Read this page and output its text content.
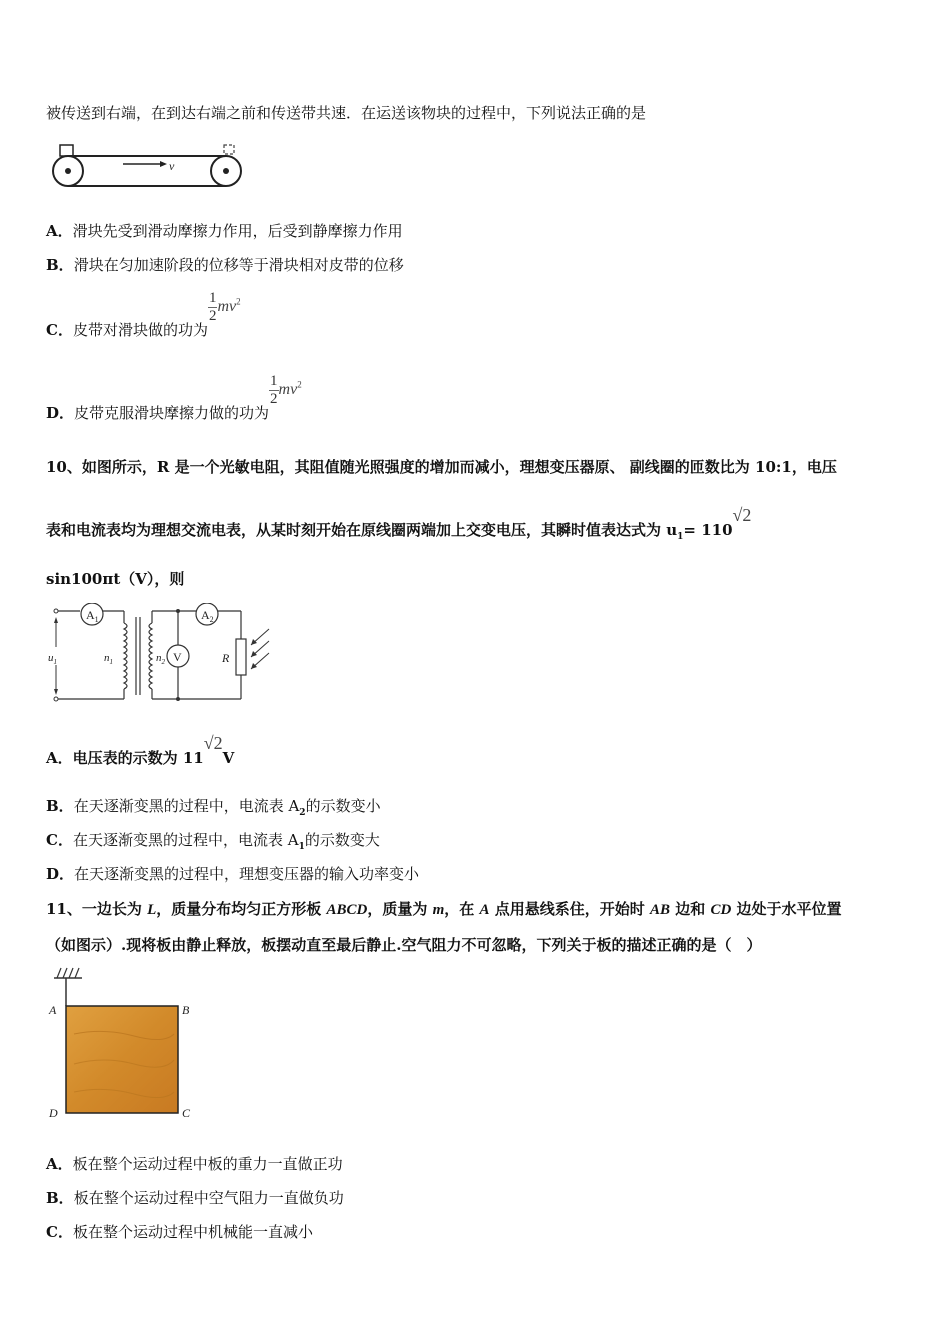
被传送到右端，在到达右端之前和传送带共速．在运送该物块的过程中，下列说法正确的是
v
A．滑块先受到滑动摩擦力作用，后受到静摩擦力作用
B．滑块在匀加速阶段的位移等于滑块相对皮带的位移
C．皮带对滑块做的功为
$\frac{1}{2} mv^2$
D．皮带克服滑块摩擦力做的功为
$\frac{1}{2} mv^2$
10、如图所示，R 是一个光敏电阻，其阻值随光照强度的增加而减小，理想变压器原、 副线圈的匝数比为 10:1，电压
表和电流表均为理想交流电表，从某时刻开始在原线圈两端加上交变电压，其瞬时值表达式为 $u_1= 110√2$
sin100πt（V），则
$A_1$
$u_1$	$n_1$	$n_2$
$A_2$
R
V
A．电压表的示数为 11√2V
B．在天逐渐变黑的过程中，电流表 $A_2$的示数变小
C．在天逐渐变黑的过程中，电流表 $A_1$的示数变大
D．在天逐渐变黑的过程中，理想变压器的输入功率变小
11、一边长为 L，质量分布均匀正方形板 ABCD，质量为 m，在 A 点用悬线系住，开始时 AB 边和 CD 边处于水平位置
（如图示）.现将板由静止释放，板摆动直至最后静止.空气阻力不可忽略，下列关于板的描述正确的是（　）
A	B
C
D
A．板在整个运动过程中板的重力一直做正功
B．板在整个运动过程中空气阻力一直做负功
C．板在整个运动过程中机械能一直减小
